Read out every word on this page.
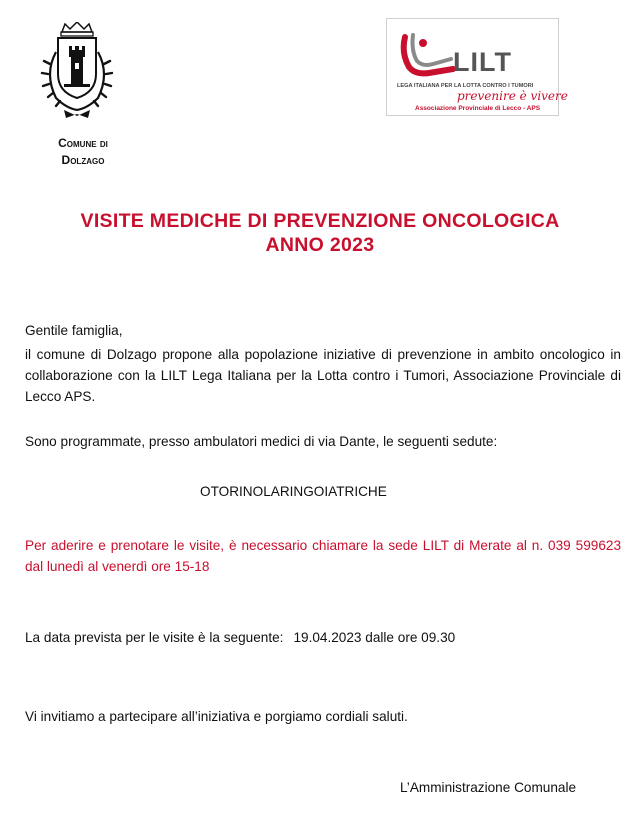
Comune di
Dolzago
LILT
LEGA ITALIANA PER LA LOTTA CONTRO I TUMORI
prevenire è vivere
Associazione Provinciale di Lecco - APS
VISITE MEDICHE DI PREVENZIONE ONCOLOGICA
ANNO 2023
Gentile famiglia,
il comune di Dolzago propone alla popolazione iniziative di prevenzione in ambito oncologico in collaborazione con la LILT Lega Italiana per la Lotta contro i Tumori, Associazione Provinciale di Lecco APS.
Sono programmate, presso ambulatori medici di via Dante, le seguenti sedute:
OTORINOLARINGOIATRICHE
Per aderire e prenotare le visite, è necessario chiamare la sede LILT di Merate al n. 039 599623 dal lunedì al venerdì ore 15-18
La data prevista per le visite è la seguente: 19.04.2023 dalle ore 09.30
Vi invitiamo a partecipare all’iniziativa e porgiamo cordiali saluti.
L’Amministrazione Comunale
